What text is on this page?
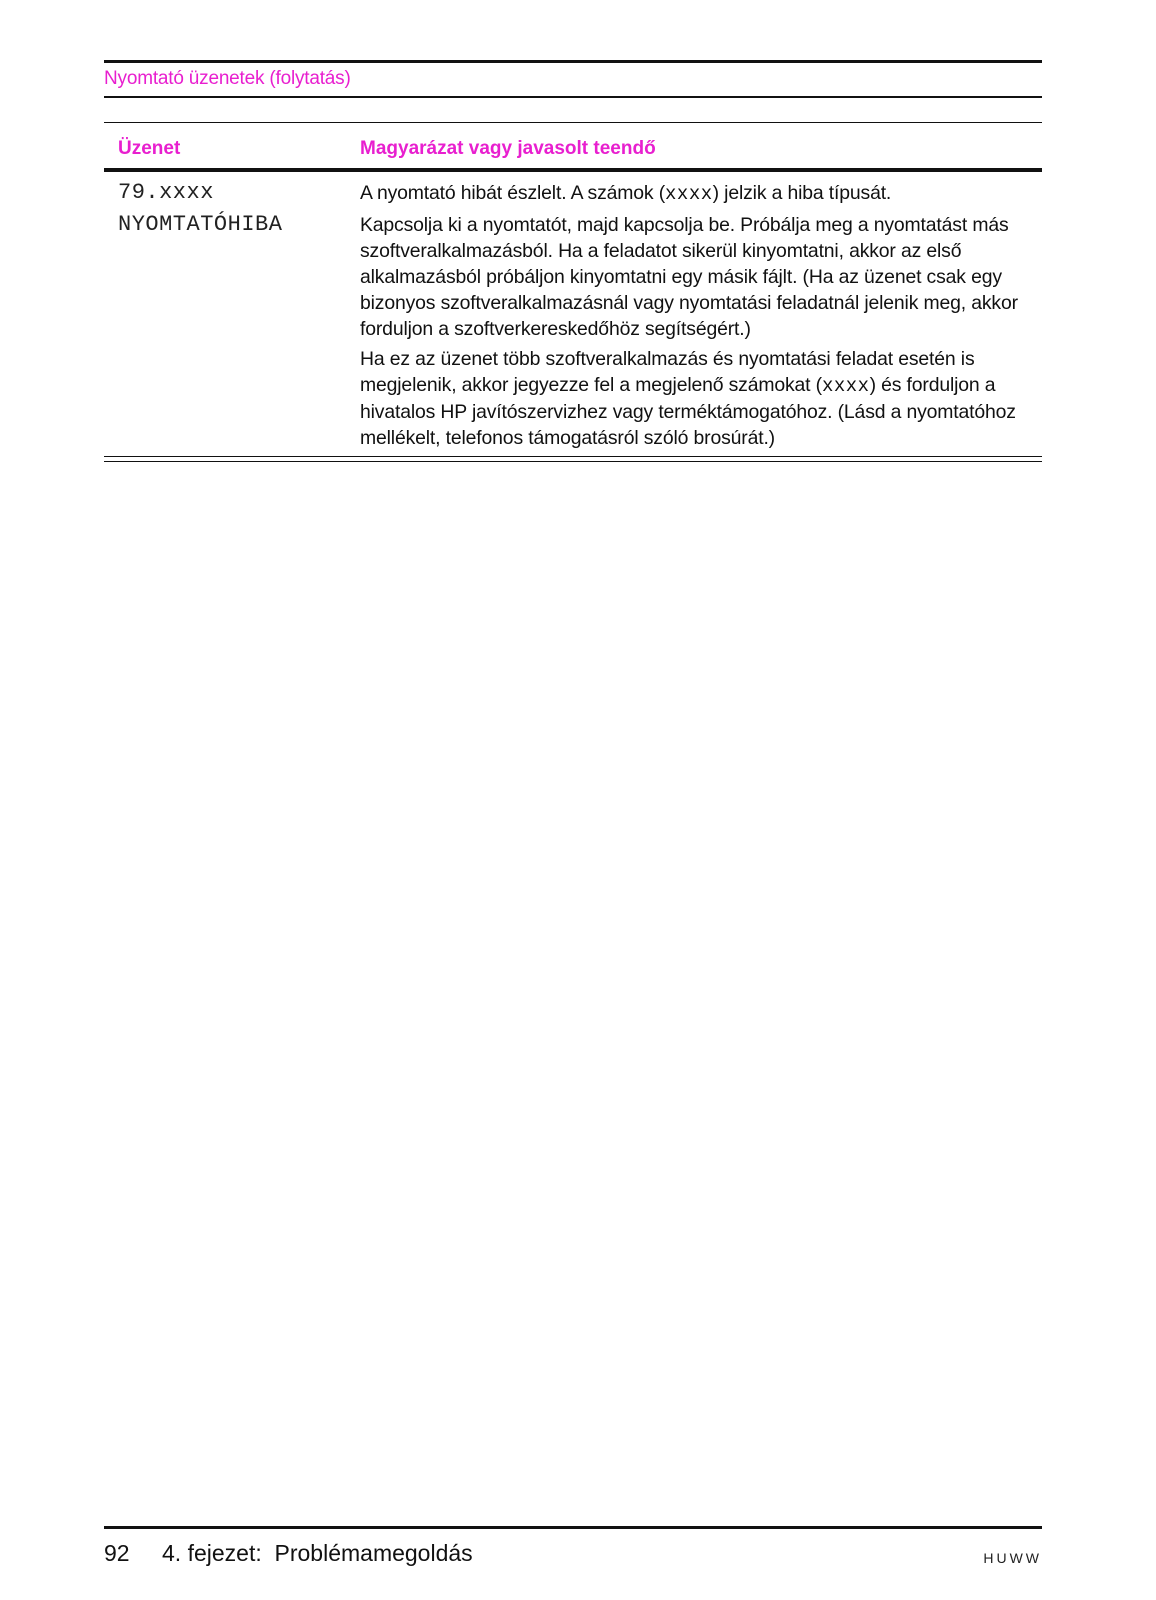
Nyomtató üzenetek (folytatás)
Üzenet	Magyarázat vagy javasolt teendő
79.xxxx
NYOMTATÓHIBA

A nyomtató hibát észlelt. A számok (xxxx) jelzik a hiba típusát.

Kapcsolja ki a nyomtatót, majd kapcsolja be. Próbálja meg a nyomtatást más szoftveralkalmazásból. Ha a feladatot sikerül kinyomtatni, akkor az első alkalmazásból próbáljon kinyomtatni egy másik fájlt. (Ha az üzenet csak egy bizonyos szoftveralkalmazásnál vagy nyomtatási feladatnál jelenik meg, akkor forduljon a szoftverkereskedőhöz segítségért.)

Ha ez az üzenet több szoftveralkalmazás és nyomtatási feladat esetén is megjelenik, akkor jegyezze fel a megjelenő számokat (xxxx) és forduljon a hivatalos HP javítószervizhez vagy terméktámogatóhoz. (Lásd a nyomtatóhoz mellékelt, telefonos támogatásról szóló brosúrát.)

92 4. fejezet:  Problémamegoldás	HUWW
